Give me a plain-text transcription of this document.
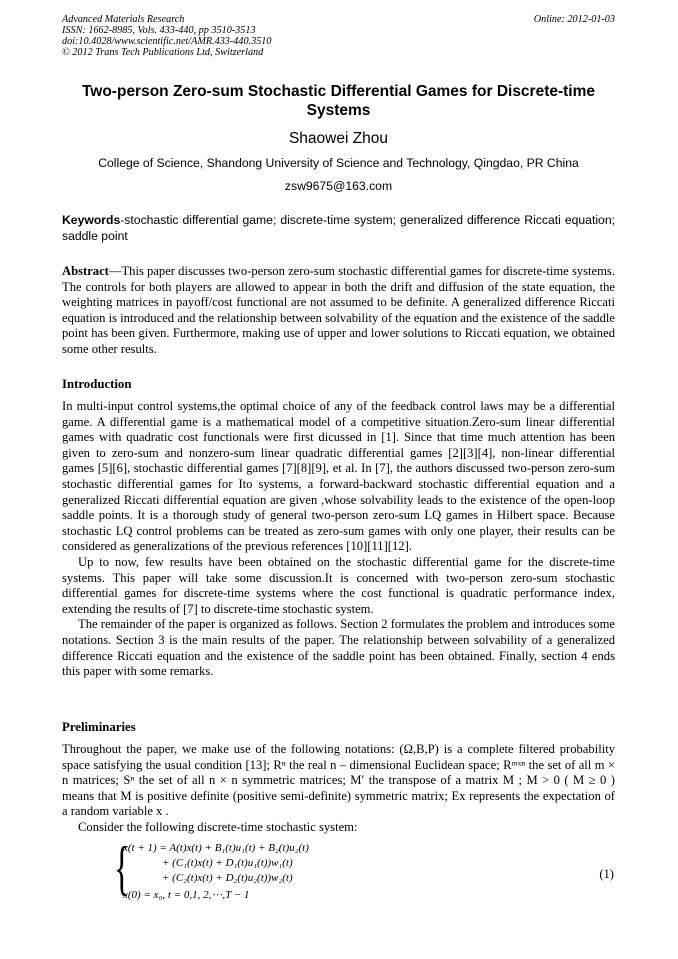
Advanced Materials Research
ISSN: 1662-8985, Vols. 433-440, pp 3510-3513
doi:10.4028/www.scientific.net/AMR.433-440.3510
© 2012 Trans Tech Publications Ltd, Switzerland
Online: 2012-01-03
Two-person Zero-sum Stochastic Differential Games for Discrete-time Systems
Shaowei Zhou
College of Science, Shandong University of Science and Technology, Qingdao, PR China
zsw9675@163.com
Keywords-stochastic differential game; discrete-time system; generalized difference Riccati equation; saddle point

Abstract—This paper discusses two-person zero-sum stochastic differential games for discrete-time systems. The controls for both players are allowed to appear in both the drift and diffusion of the state equation, the weighting matrices in payoff/cost functional are not assumed to be definite. A generalized difference Riccati equation is introduced and the relationship between solvability of the equation and the existence of the saddle point has been given. Furthermore, making use of upper and lower solutions to Riccati equation, we obtained some other results.

Introduction

In multi-input control systems,the optimal choice of any of the feedback control laws may be a differential game. A differential game is a mathematical model of a competitive situation.Zero-sum linear differential games with quadratic cost functionals were first dicussed in [1]. Since that time much attention has been given to zero-sum and nonzero-sum linear quadratic differential games [2][3][4], non-linear differential games [5][6], stochastic differential games [7][8][9], et al. In [7], the authors discussed two-person zero-sum stochastic differential games for Ito systems, a forward-backward stochastic differential equation and a generalized Riccati differential equation are given ,whose solvability leads to the existence of the open-loop saddle points. It is a thorough study of general two-person zero-sum LQ games in Hilbert space. Because stochastic LQ control problems can be treated as zero-sum games with only one player, their results can be considered as generalizations of the previous references [10][11][12].

Up to now, few results have been obtained on the stochastic differential game for the discrete-time systems. This paper will take some discussion.It is concerned with two-person zero-sum stochastic differential games for discrete-time systems where the cost functional is quadratic performance index, extending the results of [7] to discrete-time stochastic system.

The remainder of the paper is organized as follows. Section 2 formulates the problem and introduces some notations. Section 3 is the main results of the paper. The relationship between solvability of a generalized difference Riccati equation and the existence of the saddle point has been obtained. Finally, section 4 ends this paper with some remarks.

Preliminaries

Throughout the paper, we make use of the following notations: (Ω,B,P) is a complete filtered probability space satisfying the usual condition [13]; Rⁿ the real n – dimensional Euclidean space; Rᵐˣⁿ the set of all m × n matrices; Sⁿ the set of all n × n symmetric matrices; M′ the transpose of a matrix M ; M > 0 ( M ≥ 0 ) means that M is positive definite (positive semi-definite) symmetric matrix; Ex represents the expectation of a random variable x .

Consider the following discrete-time stochastic system:

{
x(t + 1) = A(t)x(t) + B₁(t)u₁(t) + B₂(t)u₂(t)
+ (C₁(t)x(t) + D₁(t)u₁(t))w₁(t)
+ (C₂(t)x(t) + D₂(t)u₂(t))w₂(t)
x(0) = x₀, t = 0,1, 2,⋯,T − 1
(1)
